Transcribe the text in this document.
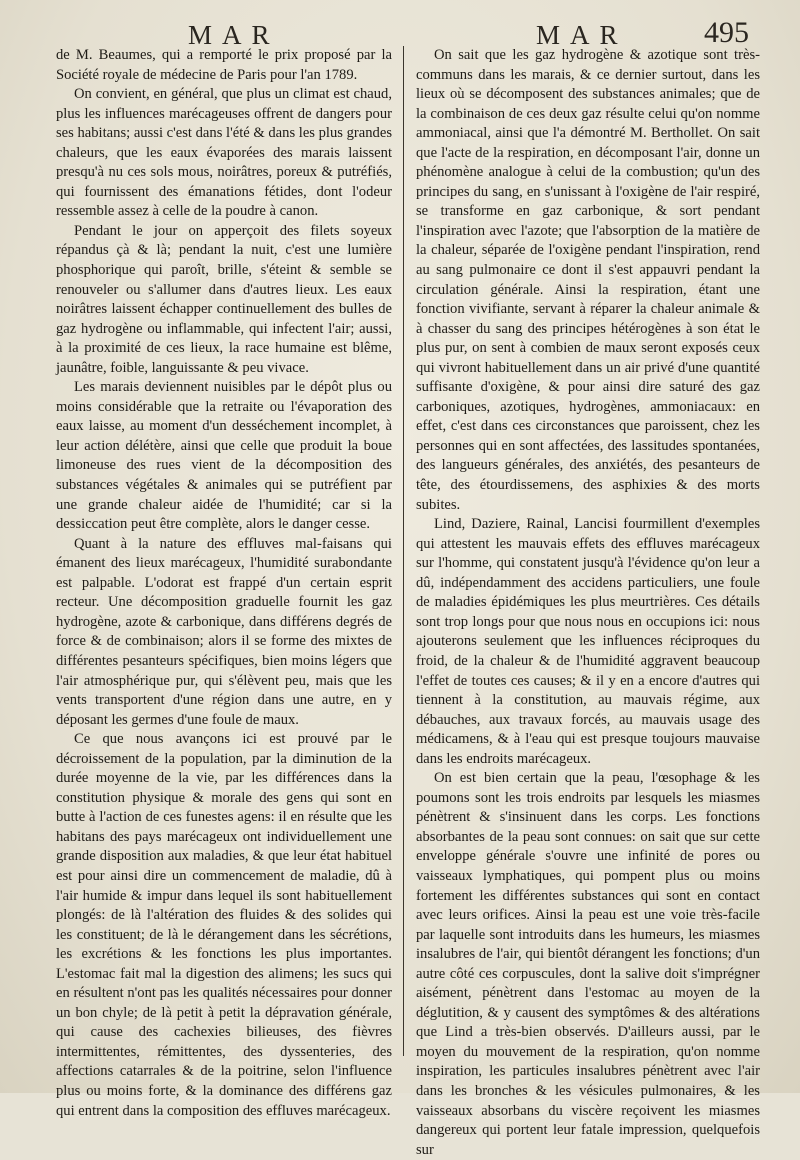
MAR	MAR	495

de M. Beaumes, qui a remporté le prix proposé par la Société royale de médecine de Paris pour l'an 1789.

On convient, en général, que plus un climat est chaud, plus les influences marécageuses offrent de dangers pour ses habitans; aussi c'est dans l'été & dans les plus grandes chaleurs, que les eaux évaporées des marais laissent presqu'à nu ces sols mous, noirâtres, poreux & putréfiés, qui fournissent des émanations fétides, dont l'odeur ressemble assez à celle de la poudre à canon.

Pendant le jour on apperçoit des filets soyeux répandus çà & là; pendant la nuit, c'est une lumière phosphorique qui paroît, brille, s'éteint & semble se renouveler ou s'allumer dans d'autres lieux. Les eaux noirâtres laissent échapper continuellement des bulles de gaz hydrogène ou inflammable, qui infectent l'air; aussi, à la proximité de ces lieux, la race humaine est blême, jaunâtre, foible, languissante & peu vivace.

Les marais deviennent nuisibles par le dépôt plus ou moins considérable que la retraite ou l'évaporation des eaux laisse, au moment d'un desséchement incomplet, à leur action délétère, ainsi que celle que produit la boue limoneuse des rues vient de la décomposition des substances végétales & animales qui se putréfient par une grande chaleur aidée de l'humidité; car si la dessiccation peut être complète, alors le danger cesse.

Quant à la nature des effluves mal-faisans qui émanent des lieux marécageux, l'humidité surabondante est palpable. L'odorat est frappé d'un certain esprit recteur. Une décomposition graduelle fournit les gaz hydrogène, azote & carbonique, dans différens degrés de force & de combinaison; alors il se forme des mixtes de différentes pesanteurs spécifiques, bien moins légers que l'air atmosphérique pur, qui s'élèvent peu, mais que les vents transportent d'une région dans une autre, en y déposant les germes d'une foule de maux.

Ce que nous avançons ici est prouvé par le décroissement de la population, par la diminution de la durée moyenne de la vie, par les différences dans la constitution physique & morale des gens qui sont en butte à l'action de ces funestes agens: il en résulte que les habitans des pays marécageux ont individuellement une grande disposition aux maladies, & que leur état habituel est pour ainsi dire un commencement de maladie, dû à l'air humide & impur dans lequel ils sont habituellement plongés: de là l'altération des fluides & des solides qui les constituent; de là le dérangement dans les sécrétions, les excrétions & les fonctions les plus importantes. L'estomac fait mal la digestion des alimens; les sucs qui en résultent n'ont pas les qualités nécessaires pour donner un bon chyle; de là petit à petit la dépravation générale, qui cause des cachexies bilieuses, des fièvres intermittentes, rémittentes, des dyssenteries, des affections catarrales & de la poitrine, selon l'influence plus ou moins forte, & la dominance des différens gaz qui entrent dans la composition des effluves marécageux.

On sait que les gaz hydrogène & azotique sont très-communs dans les marais, & ce dernier surtout, dans les lieux où se décomposent des substances animales; que de la combinaison de ces deux gaz résulte celui qu'on nomme ammoniacal, ainsi que l'a démontré M. Berthollet. On sait que l'acte de la respiration, en décomposant l'air, donne un phénomène analogue à celui de la combustion; qu'un des principes du sang, en s'unissant à l'oxigène de l'air respiré, se transforme en gaz carbonique, & sort pendant l'inspiration avec l'azote; que l'absorption de la matière de la chaleur, séparée de l'oxigène pendant l'inspiration, rend au sang pulmonaire ce dont il s'est appauvri pendant la circulation générale. Ainsi la respiration, étant une fonction vivifiante, servant à réparer la chaleur animale & à chasser du sang des principes hétérogènes à son état le plus pur, on sent à combien de maux seront exposés ceux qui vivront habituellement dans un air privé d'une quantité suffisante d'oxigène, & pour ainsi dire saturé des gaz carboniques, azotiques, hydrogènes, ammoniacaux: en effet, c'est dans ces circonstances que paroissent, chez les personnes qui en sont affectées, des lassitudes spontanées, des langueurs générales, des anxiétés, des pesanteurs de tête, des étourdissemens, des asphixies & des morts subites.

Lind, Daziere, Rainal, Lancisi fourmillent d'exemples qui attestent les mauvais effets des effluves marécageux sur l'homme, qui constatent jusqu'à l'évidence qu'on leur a dû, indépendamment des accidens particuliers, une foule de maladies épidémiques les plus meurtrières. Ces détails sont trop longs pour que nous nous en occupions ici: nous ajouterons seulement que les influences réciproques du froid, de la chaleur & de l'humidité aggravent beaucoup l'effet de toutes ces causes; & il y en a encore d'autres qui tiennent à la constitution, au mauvais régime, aux débauches, aux travaux forcés, au mauvais usage des médicamens, & à l'eau qui est presque toujours mauvaise dans les endroits marécageux.

On est bien certain que la peau, l'œsophage & les poumons sont les trois endroits par lesquels les miasmes pénètrent & s'insinuent dans les corps. Les fonctions absorbantes de la peau sont connues: on sait que sur cette enveloppe générale s'ouvre une infinité de pores ou vaisseaux lymphatiques, qui pompent plus ou moins fortement les différentes substances qui sont en contact avec leurs orifices. Ainsi la peau est une voie très-facile par laquelle sont introduits dans les humeurs, les miasmes insalubres de l'air, qui bientôt dérangent les fonctions; d'un autre côté ces corpuscules, dont la salive doit s'imprégner aisément, pénètrent dans l'estomac au moyen de la déglutition, & y causent des symptômes & des altérations que Lind a très-bien observés. D'ailleurs aussi, par le moyen du mouvement de la respiration, qu'on nomme inspiration, les particules insalubres pénètrent avec l'air dans les bronches & les vésicules pulmonaires, & les vaisseaux absorbans du viscère reçoivent les miasmes dangereux qui portent leur fatale impression, quelquefois sur
